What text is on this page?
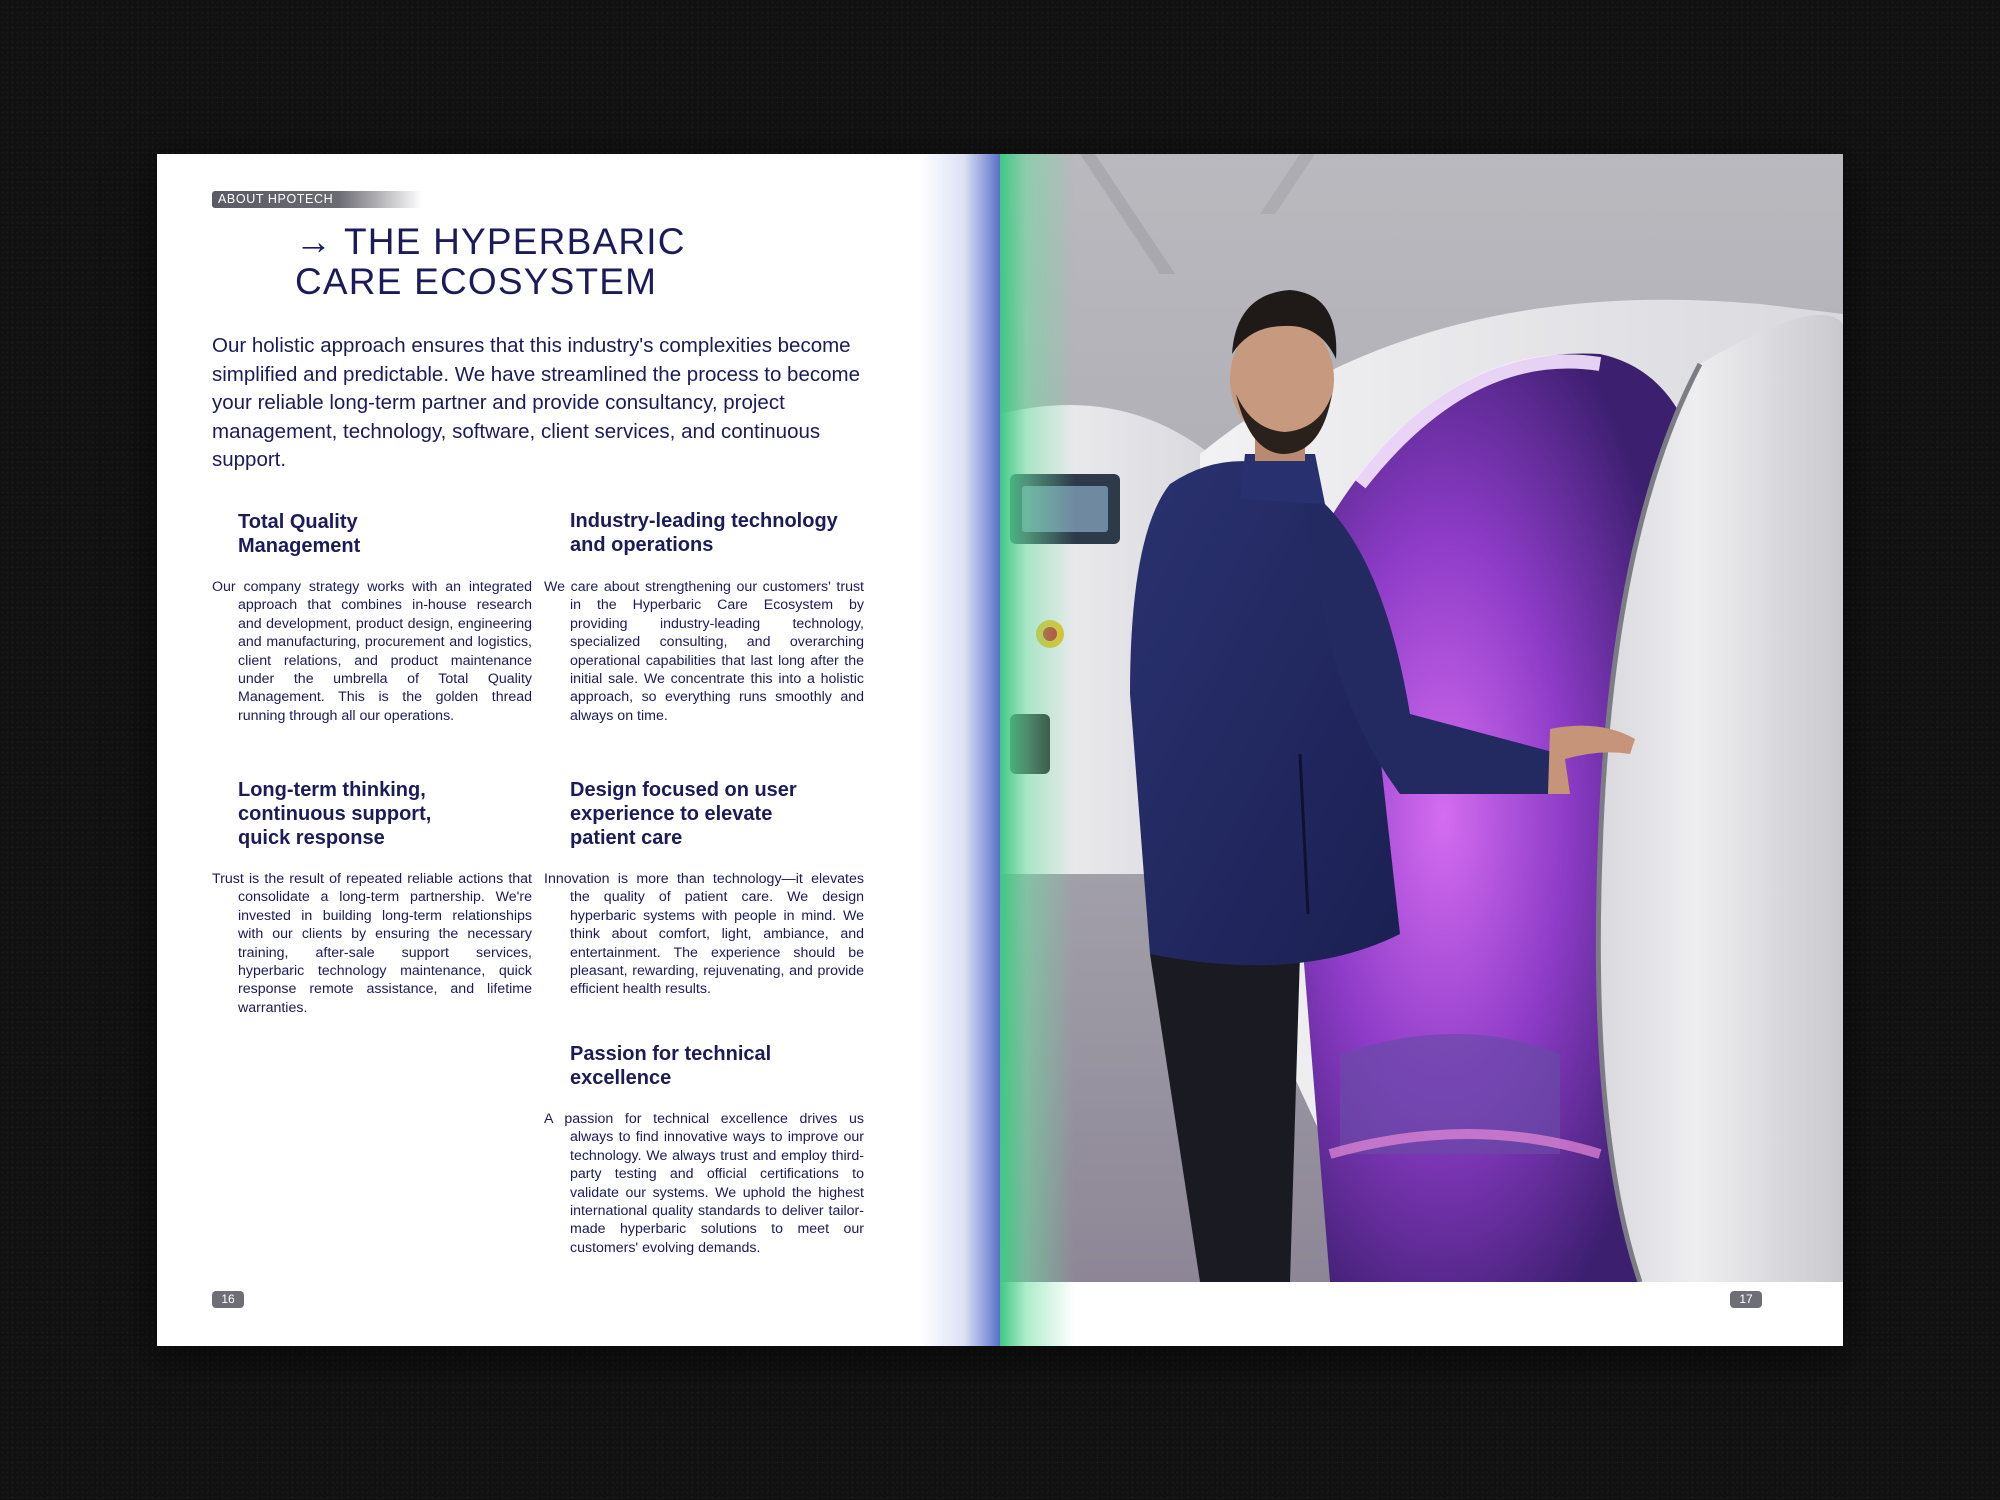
ABOUT HPOTECH
→ THE HYPERBARIC
CARE ECOSYSTEM

Our holistic approach ensures that this industry's complexities become simplified and predictable. We have streamlined the process to become your reliable long-term partner and provide consultancy, project management, technology, software, client services, and continuous support.

Total Quality
Management

Our company strategy works with an integrated approach that combines in-house research and development, product design, engineering and manufacturing, procurement and logistics, client relations, and product maintenance under the umbrella of Total Quality Management. This is the golden thread running through all our operations.

Industry-leading technology
and operations

We care about strengthening our customers' trust in the Hyperbaric Care Ecosystem by providing industry-leading technology, specialized consulting, and overarching operational capabilities that last long after the initial sale. We concentrate this into a holistic approach, so everything runs smoothly and always on time.

Long-term thinking,
continuous support,
quick response

Trust is the result of repeated reliable actions that consolidate a long-term partnership. We're invested in building long-term relationships with our clients by ensuring the necessary training, after-sale support services, hyperbaric technology maintenance, quick response remote assistance, and lifetime warranties.

Design focused on user
experience to elevate
patient care

Innovation is more than technology—it elevates the quality of patient care. We design hyperbaric systems with people in mind. We think about comfort, light, ambiance, and entertainment. The experience should be pleasant, rewarding, rejuvenating, and provide efficient health results.

Passion for technical
excellence

A passion for technical excellence drives us always to find innovative ways to improve our technology. We always trust and employ third-party testing and official certifications to validate our systems. We uphold the highest international quality standards to deliver tailor-made hyperbaric solutions to meet our customers' evolving demands.

16	17
